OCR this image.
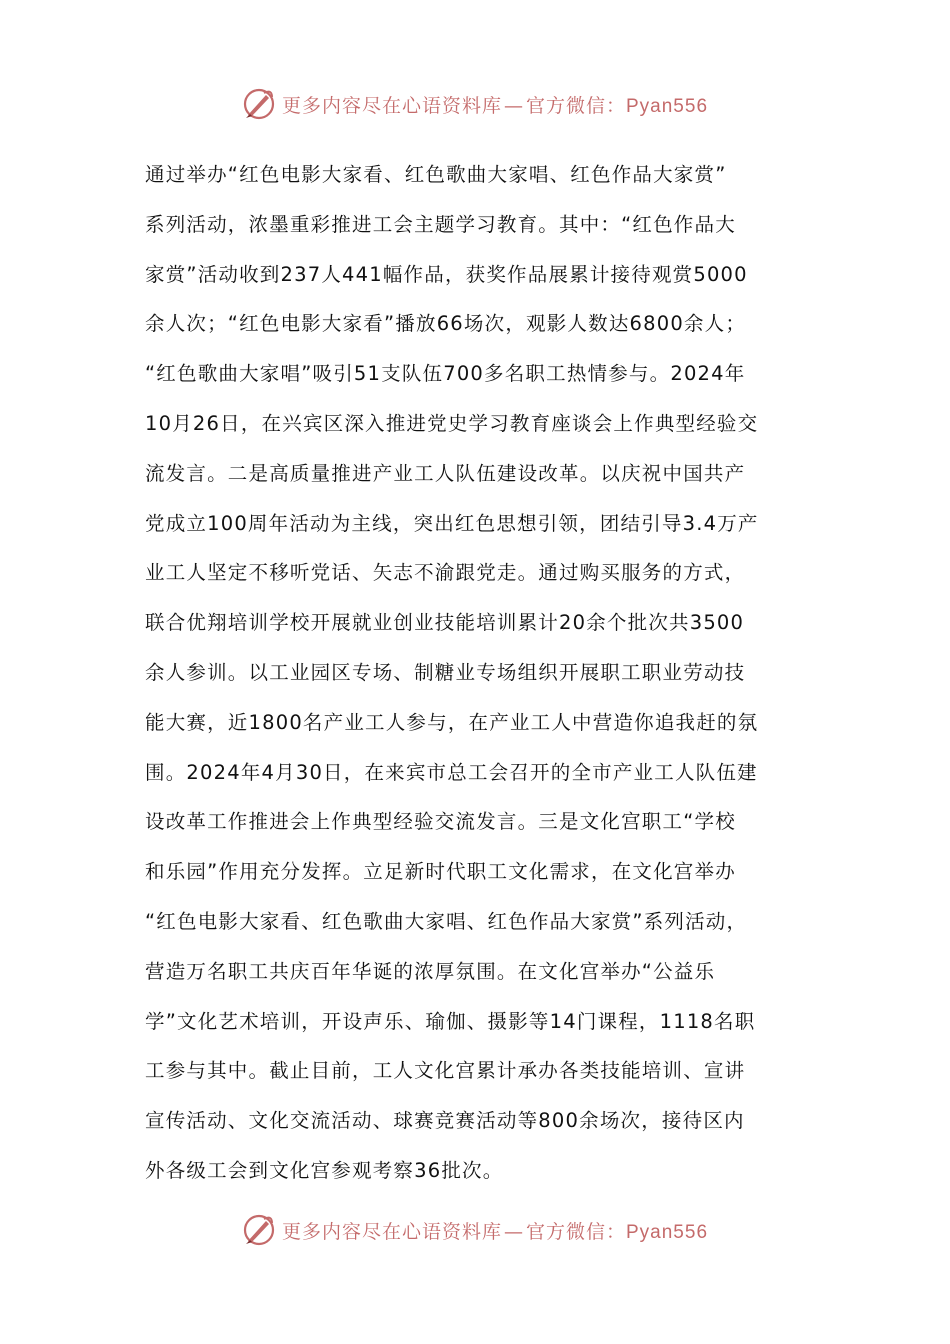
更多内容尽在心语资料库 — 官方微信：Pyan556
通过举办“红色电影大家看、红色歌曲大家唱、红色作品大家赏”
系列活动，浓墨重彩推进工会主题学习教育。其中：“红色作品大
家赏”活动收到237人441幅作品，获奖作品展累计接待观赏5000
余人次；“红色电影大家看”播放66场次，观影人数达6800余人；
“红色歌曲大家唱”吸引51支队伍700多名职工热情参与。2024年
10月26日，在兴宾区深入推进党史学习教育座谈会上作典型经验交
流发言。二是高质量推进产业工人队伍建设改革。以庆祝中国共产
党成立100周年活动为主线，突出红色思想引领，团结引导3.4万产
业工人坚定不移听党话、矢志不渝跟党走。通过购买服务的方式，
联合优翔培训学校开展就业创业技能培训累计20余个批次共3500
余人参训。以工业园区专场、制糖业专场组织开展职工职业劳动技
能大赛，近1800名产业工人参与，在产业工人中营造你追我赶的氛
围。2024年4月30日，在来宾市总工会召开的全市产业工人队伍建
设改革工作推进会上作典型经验交流发言。三是文化宫职工“学校
和乐园”作用充分发挥。立足新时代职工文化需求，在文化宫举办
“红色电影大家看、红色歌曲大家唱、红色作品大家赏”系列活动，
营造万名职工共庆百年华诞的浓厚氛围。在文化宫举办“公益乐
学”文化艺术培训，开设声乐、瑜伽、摄影等14门课程，1118名职
工参与其中。截止目前，工人文化宫累计承办各类技能培训、宣讲
宣传活动、文化交流活动、球赛竞赛活动等800余场次，接待区内
外各级工会到文化宫参观考察36批次。
更多内容尽在心语资料库 — 官方微信：Pyan556
